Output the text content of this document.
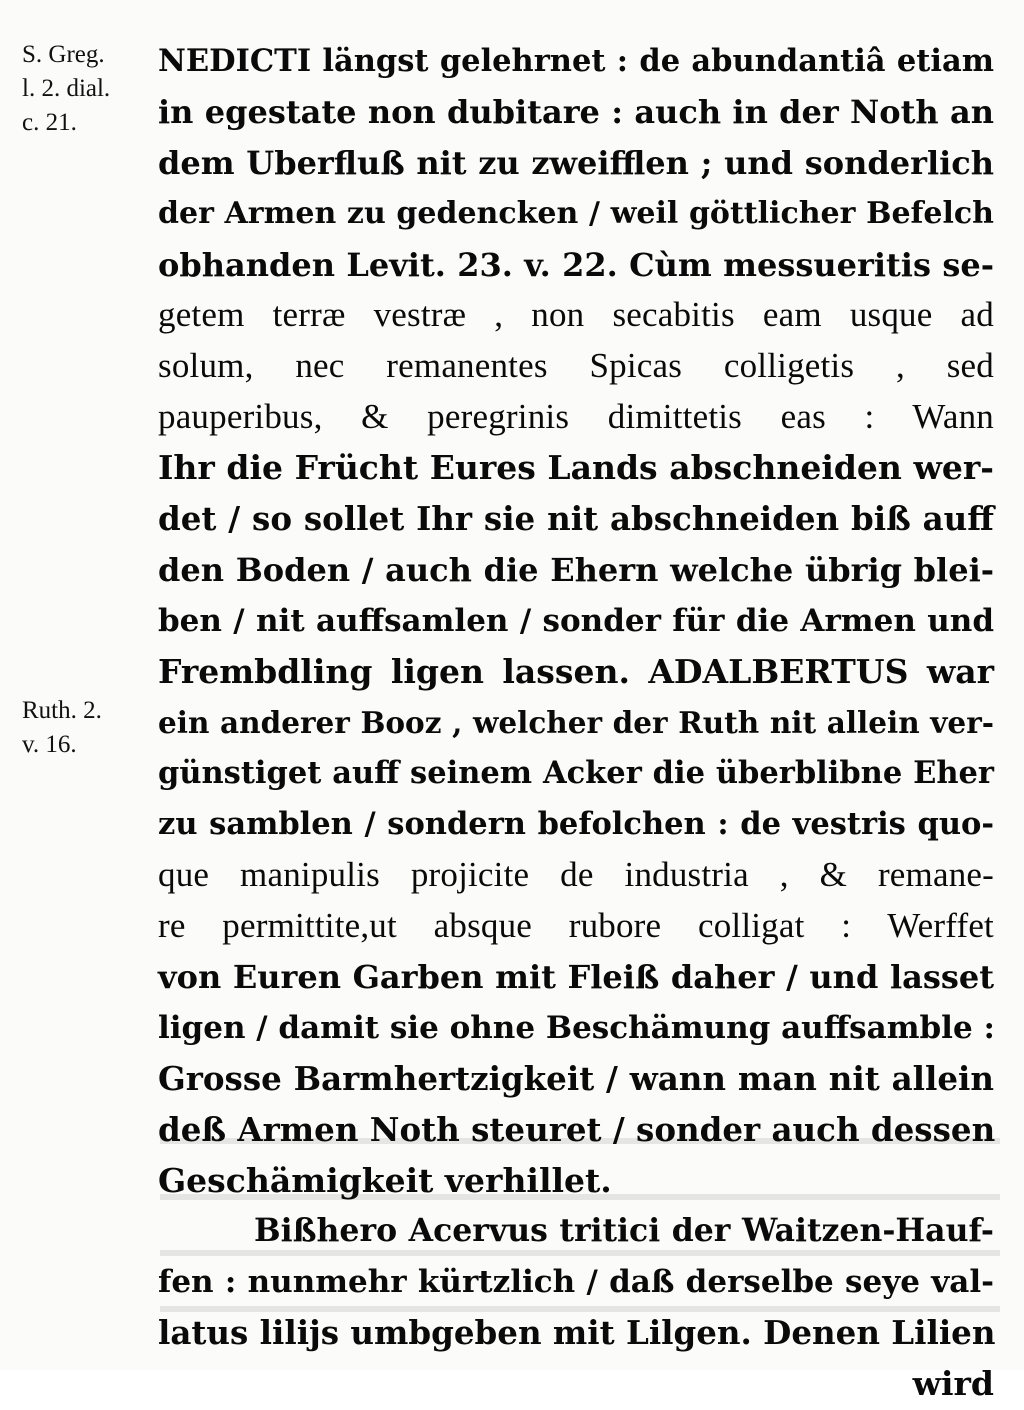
S. Greg.
l. 2. dial.
c. 21.
Ruth. 2.
v. 16.
NEDICTI längst gelehrnet : de abundantiâ etiam
in egestate non dubitare : auch in der Noth an
dem Uberfluß nit zu zweifflen ; und sonderlich
der Armen zu gedencken / weil göttlicher Befelch
obhanden Levit. 23. v. 22. Cùm messueritis se-
getem terræ vestræ , non secabitis eam usque ad
solum, nec remanentes Spicas colligetis , sed
pauperibus, & peregrinis dimittetis eas : Wann
Ihr die Frücht Eures Lands abschneiden wer-
det / so sollet Ihr sie nit abschneiden biß auff
den Boden / auch die Ehern welche übrig blei-
ben / nit auffsamlen / sonder für die Armen und
Frembdling ligen lassen. ADALBERTUS war
ein anderer Booz , welcher der Ruth nit allein ver-
günstiget auff seinem Acker die überblibne Eher
zu samblen / sondern befolchen : de vestris quo-
que manipulis projicite de industria , & remane-
re permittite,ut absque rubore colligat : Werffet
von Euren Garben mit Fleiß daher / und lasset
ligen / damit sie ohne Beschämung auffsamble :
Grosse Barmhertzigkeit / wann man nit allein
deß Armen Noth steuret / sonder auch dessen
Geschämigkeit verhillet.
Bißhero Acervus tritici der Waitzen-Hauf-
fen : nunmehr kürtzlich / daß derselbe seye val-
latus lilijs umbgeben mit Lilgen. Denen Lilien
wird
